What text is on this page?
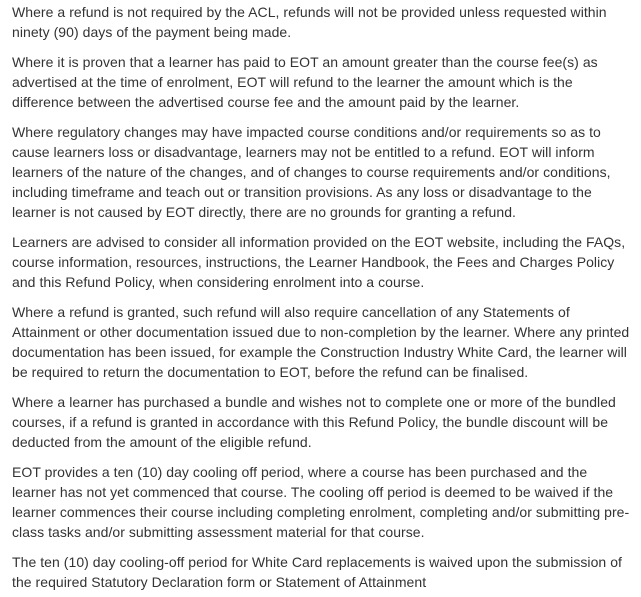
Where a refund is not required by the ACL, refunds will not be provided unless requested within ninety (90) days of the payment being made.

Where it is proven that a learner has paid to EOT an amount greater than the course fee(s) as advertised at the time of enrolment, EOT will refund to the learner the amount which is the difference between the advertised course fee and the amount paid by the learner.

Where regulatory changes may have impacted course conditions and/or requirements so as to cause learners loss or disadvantage, learners may not be entitled to a refund. EOT will inform learners of the nature of the changes, and of changes to course requirements and/or conditions, including timeframe and teach out or transition provisions. As any loss or disadvantage to the learner is not caused by EOT directly, there are no grounds for granting a refund.

Learners are advised to consider all information provided on the EOT website, including the FAQs, course information, resources, instructions, the Learner Handbook, the Fees and Charges Policy and this Refund Policy, when considering enrolment into a course.

Where a refund is granted, such refund will also require cancellation of any Statements of Attainment or other documentation issued due to non-completion by the learner. Where any printed documentation has been issued, for example the Construction Industry White Card, the learner will be required to return the documentation to EOT, before the refund can be finalised.

Where a learner has purchased a bundle and wishes not to complete one or more of the bundled courses, if a refund is granted in accordance with this Refund Policy, the bundle discount will be deducted from the amount of the eligible refund.

EOT provides a ten (10) day cooling off period, where a course has been purchased and the learner has not yet commenced that course. The cooling off period is deemed to be waived if the learner commences their course including completing enrolment, completing and/or submitting pre-class tasks and/or submitting assessment material for that course.

The ten (10) day cooling-off period for White Card replacements is waived upon the submission of the required Statutory Declaration form or Statement of Attainment
